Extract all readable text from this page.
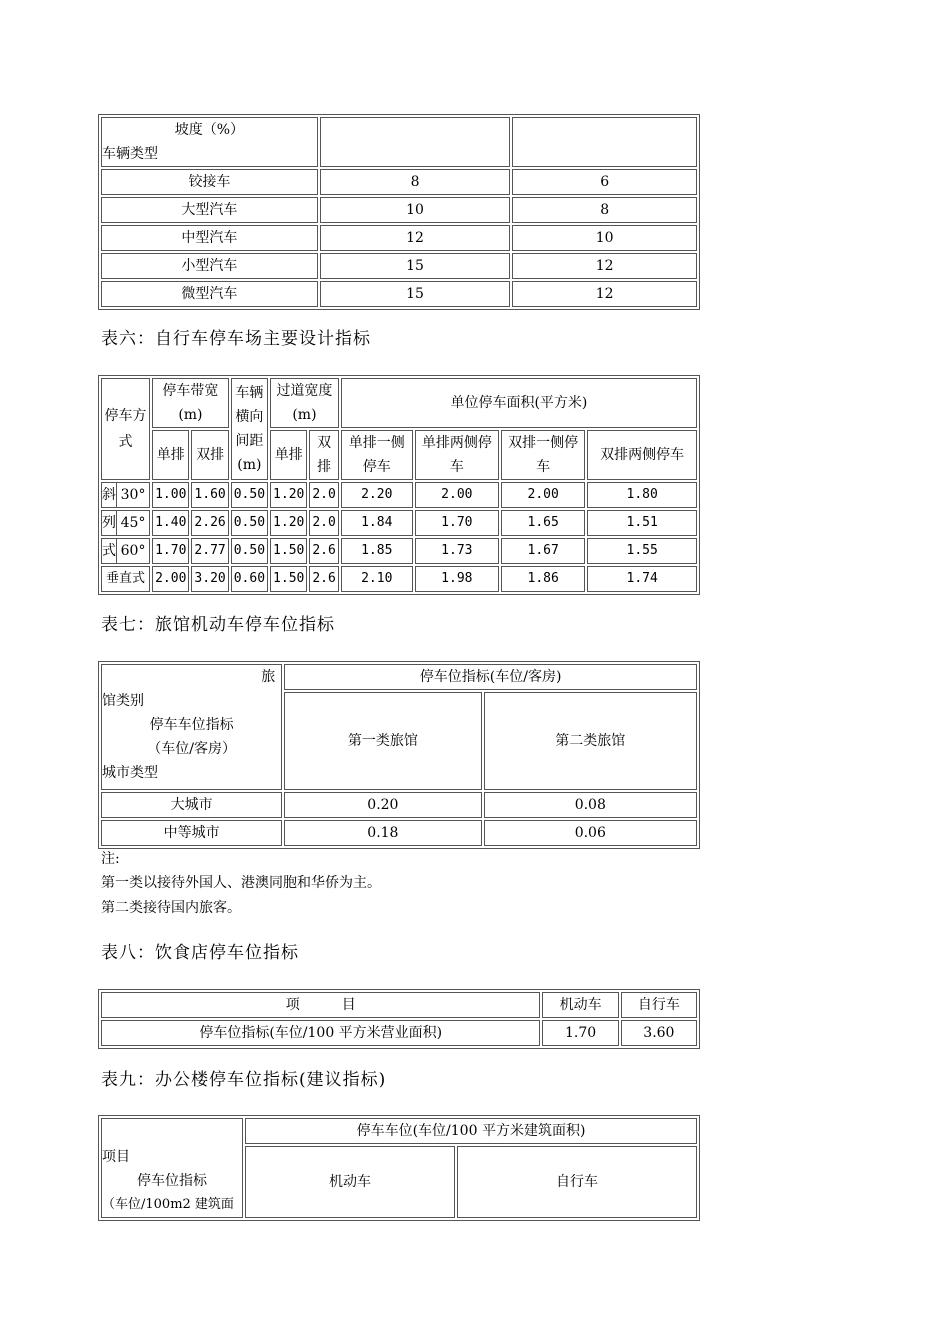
坡度（%）
车辆类型		

铰接车	8	6
大型汽车	10	8
中型汽车	12	10
小型汽车	15	12
微型汽车	15	12
表六：自行车停车场主要设计指标
停车方式	停车带宽(m)		车辆横向间距(m)	过道宽度(m)		单位停车面积(平方米)			
	单排	双排		单排	双排	单排一侧停车	单排两侧停车	双排一侧停车	双排两侧停车

斜 30°	1.00	1.60	0.50	1.20	2.0	2.20	2.00	2.00	1.80

列 45°	1.40	2.26	0.50	1.20	2.0	1.84	1.70	1.65	1.51

式 60°	1.70	2.77	0.50	1.50	2.6	1.85	1.73	1.67	1.55
垂直式	2.00	3.20	0.60	1.50	2.6	2.10	1.98	1.86	1.74
表七：旅馆机动车停车位指标
旅
馆类别
停车车位指标
（车位/客房）
城市类型	停车位指标(车位/客房)	
	第一类旅馆	第二类旅馆
大城市	0.20	0.08
中等城市	0.18	0.06
注:
第一类以接待外国人、港澳同胞和华侨为主。
第二类接待国内旅客。
表八：饮食店停车位指标
项　　　目	机动车	自行车
停车位指标(车位/100 平方米营业面积)	1.70	3.60
表九：办公楼停车位指标(建议指标)
项目
停车位指标
（车位/100m2 建筑面	停车车位(车位/100 平方米建筑面积)	
	机动车	自行车
